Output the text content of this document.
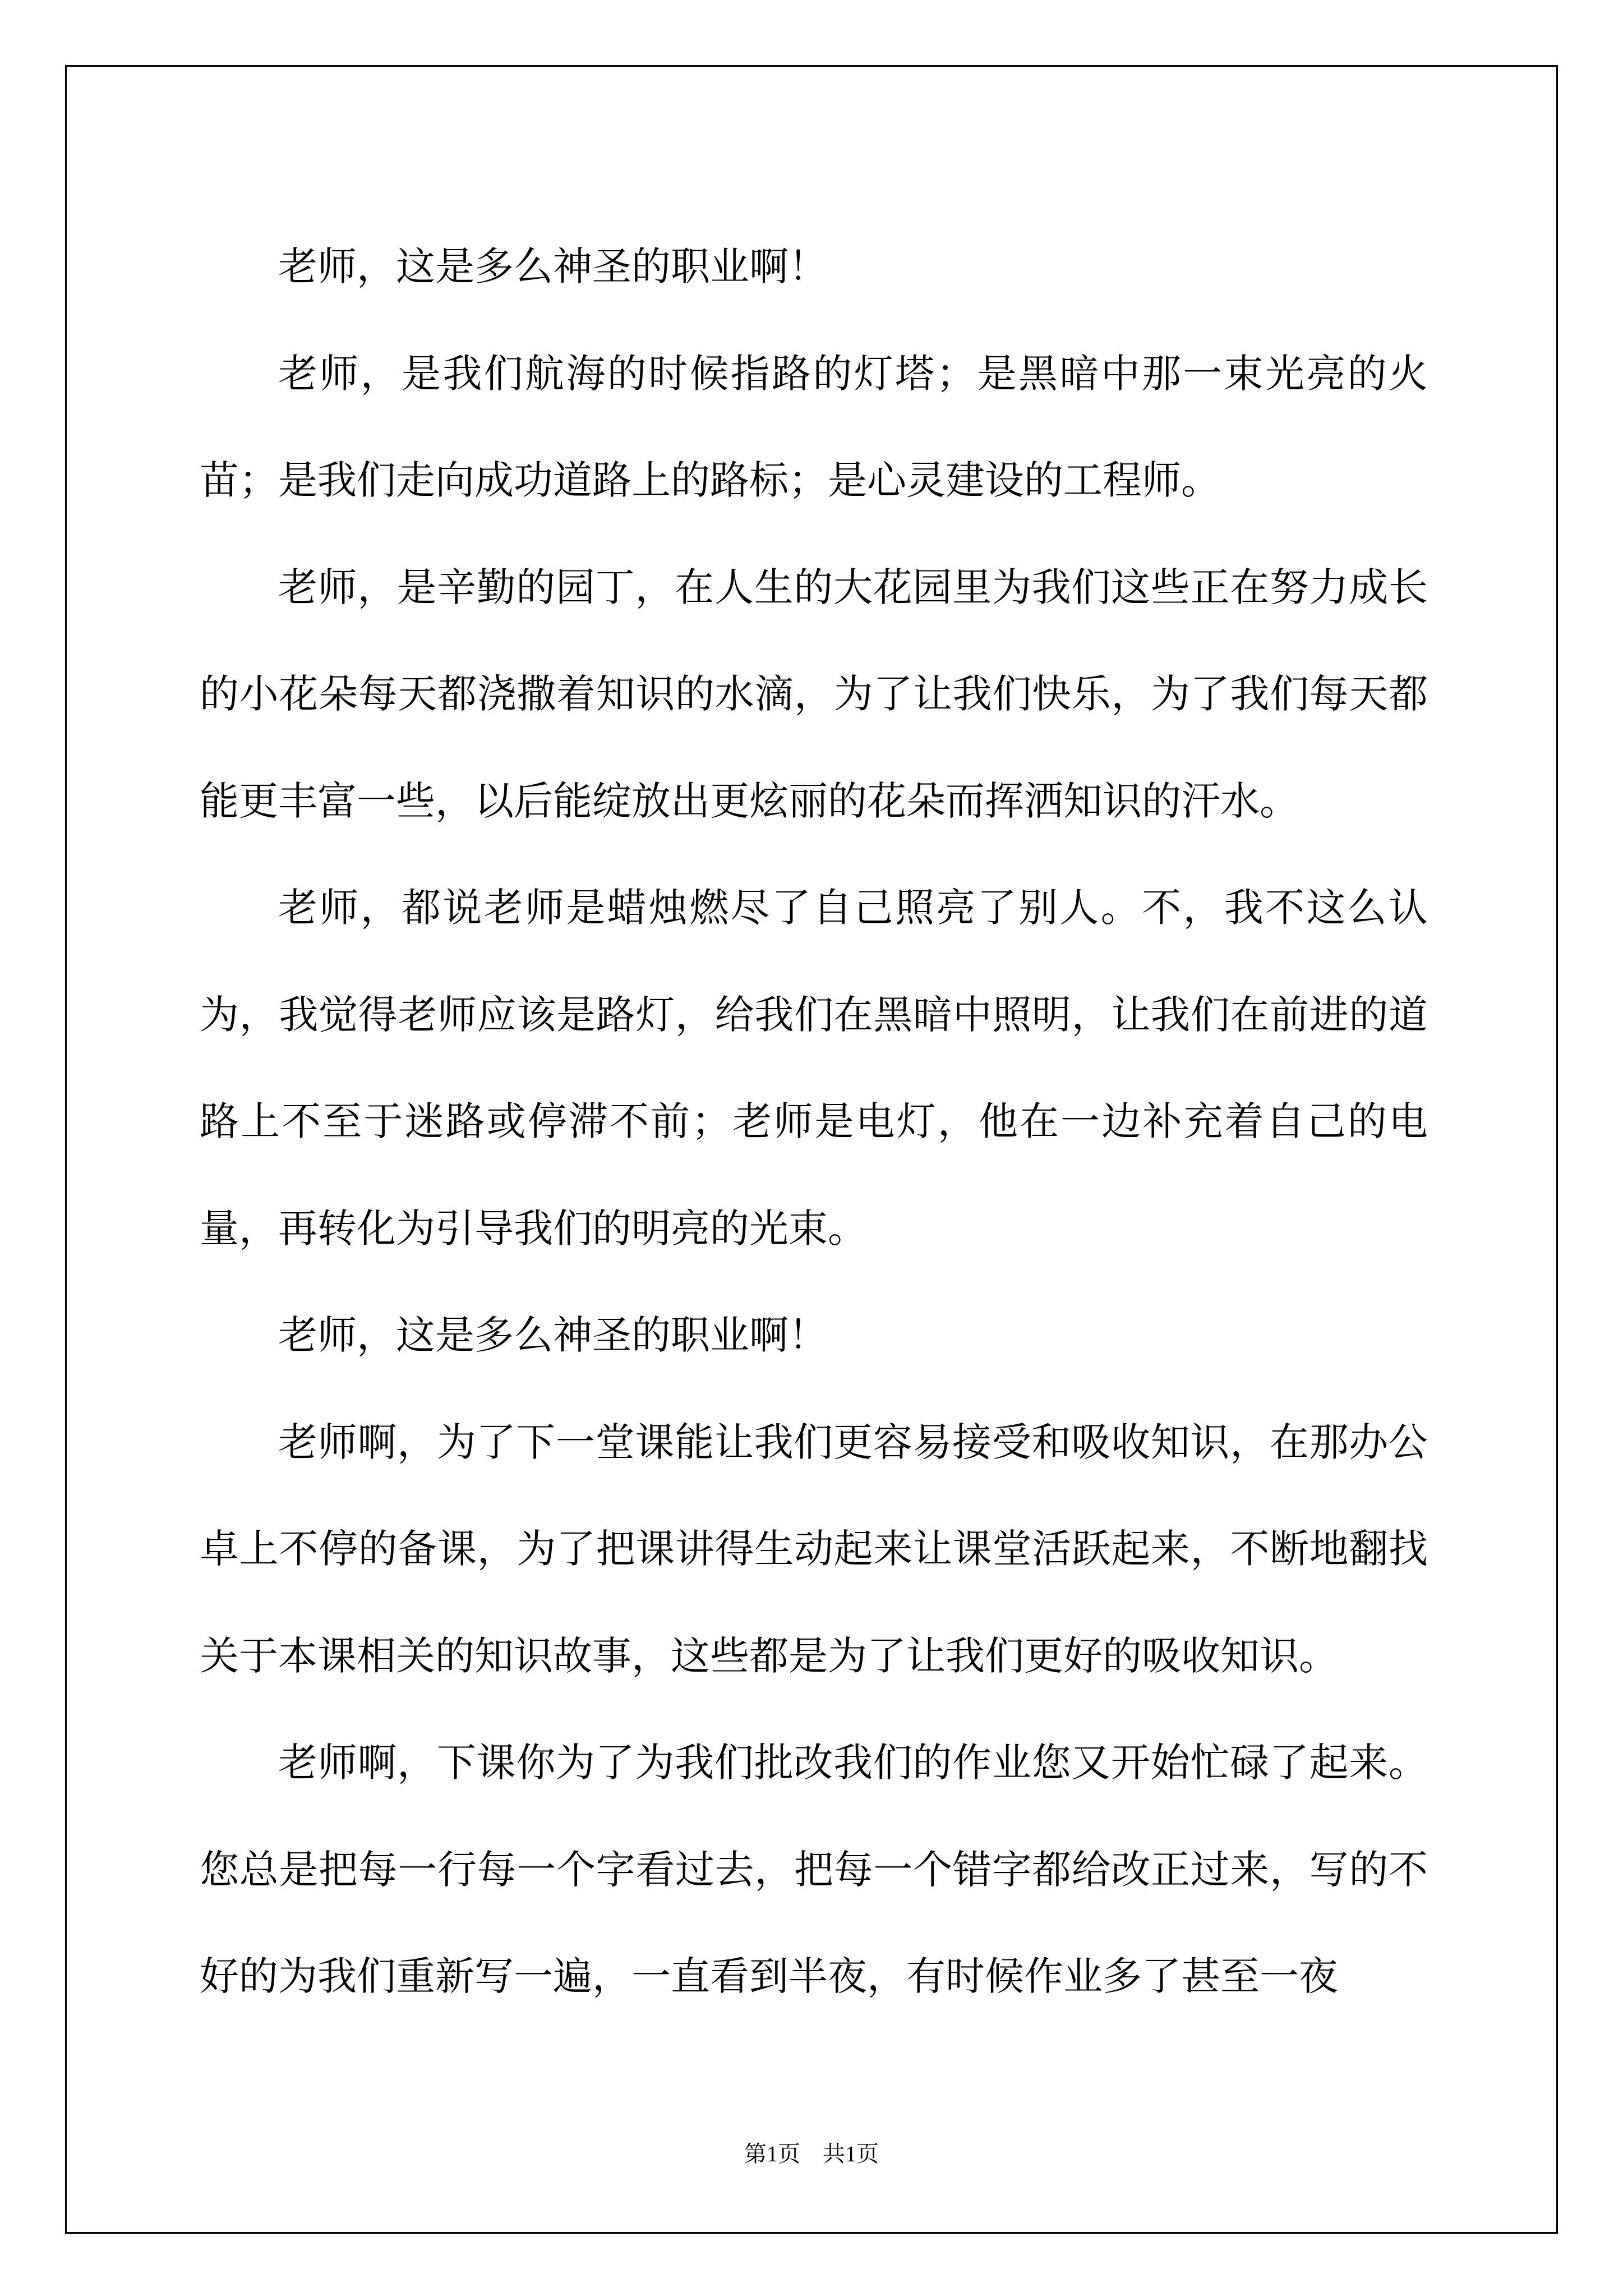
老师，这是多么神圣的职业啊！

老师，是我们航海的时候指路的灯塔；是黑暗中那一束光亮的火苗；是我们走向成功道路上的路标；是心灵建设的工程师。

老师，是辛勤的园丁，在人生的大花园里为我们这些正在努力成长的小花朵每天都浇撒着知识的水滴，为了让我们快乐，为了我们每天都能更丰富一些，以后能绽放出更炫丽的花朵而挥洒知识的汗水。

老师，都说老师是蜡烛燃尽了自己照亮了别人。不，我不这么认为，我觉得老师应该是路灯，给我们在黑暗中照明，让我们在前进的道路上不至于迷路或停滞不前；老师是电灯，他在一边补充着自己的电量，再转化为引导我们的明亮的光束。

老师，这是多么神圣的职业啊！

老师啊，为了下一堂课能让我们更容易接受和吸收知识，在那办公卓上不停的备课，为了把课讲得生动起来让课堂活跃起来，不断地翻找关于本课相关的知识故事，这些都是为了让我们更好的吸收知识。

老师啊，下课你为了为我们批改我们的作业您又开始忙碌了起来。您总是把每一行每一个字看过去，把每一个错字都给改正过来，写的不好的为我们重新写一遍，一直看到半夜，有时候作业多了甚至一夜

第1页　共1页
